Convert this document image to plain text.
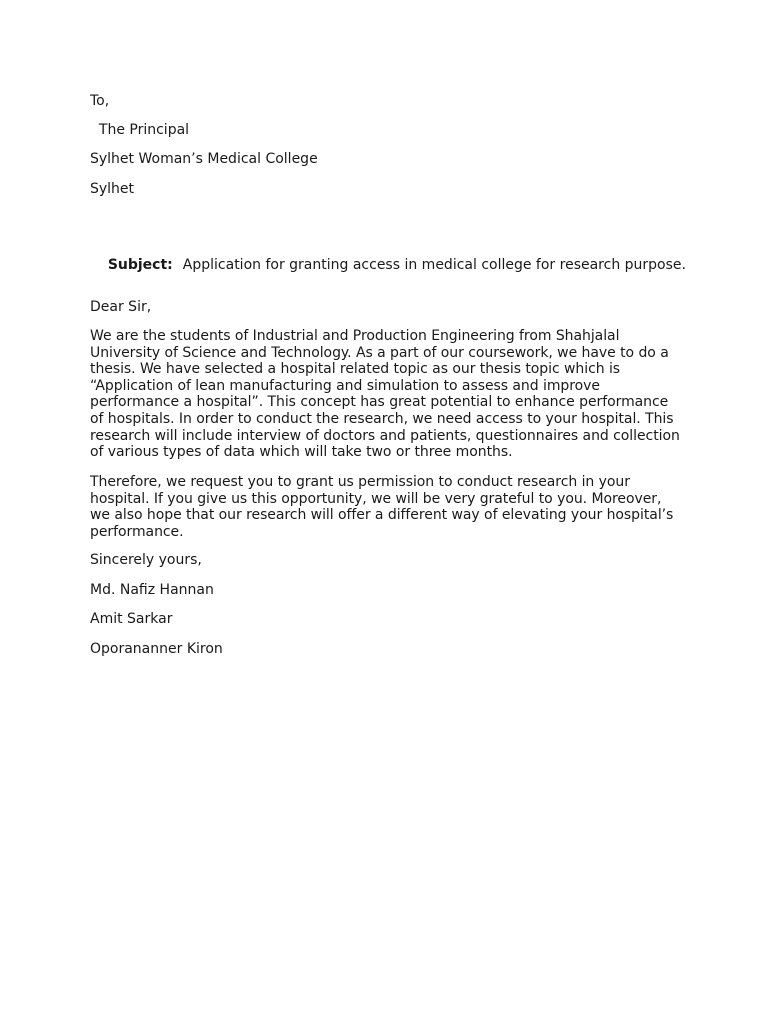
To,
The Principal
Sylhet Woman’s Medical College
Sylhet

Subject: Application for granting access in medical college for research purpose.

Dear Sir,
We are the students of Industrial and Production Engineering from Shahjalal
University of Science and Technology. As a part of our coursework, we have to do a
thesis. We have selected a hospital related topic as our thesis topic which is
“Application of lean manufacturing and simulation to assess and improve
performance a hospital”. This concept has great potential to enhance performance
of hospitals. In order to conduct the research, we need access to your hospital. This
research will include interview of doctors and patients, questionnaires and collection
of various types of data which will take two or three months.
Therefore, we request you to grant us permission to conduct research in your
hospital. If you give us this opportunity, we will be very grateful to you. Moreover,
we also hope that our research will offer a different way of elevating your hospital’s
performance.
Sincerely yours,
Md. Nafiz Hannan
Amit Sarkar
Oporananner Kiron
